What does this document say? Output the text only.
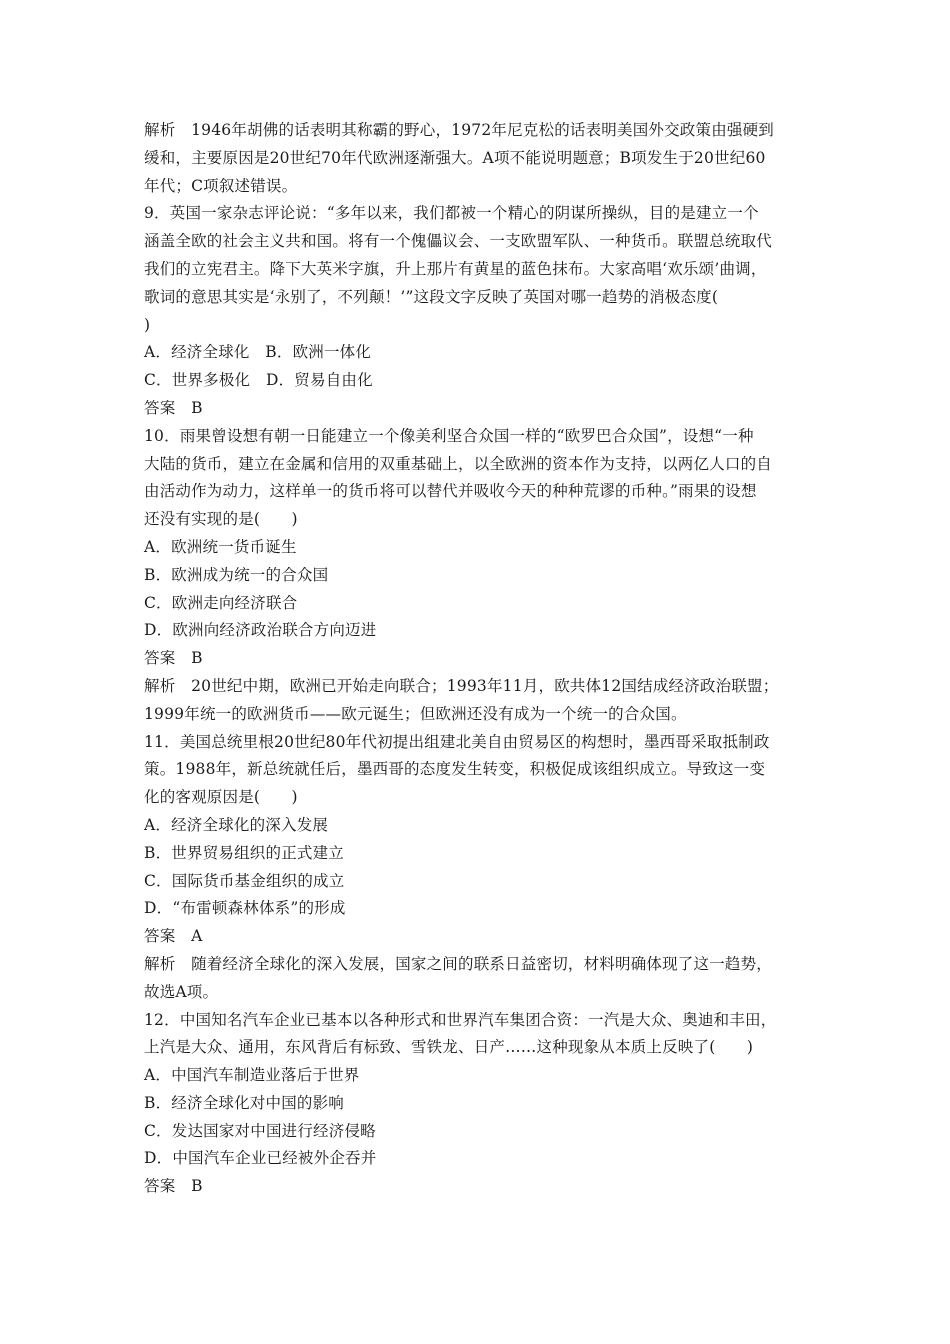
解析　1946年胡佛的话表明其称霸的野心，1972年尼克松的话表明美国外交政策由强硬到
缓和，主要原因是20世纪70年代欧洲逐渐强大。A项不能说明题意；B项发生于20世纪60
年代；C项叙述错误。
9．英国一家杂志评论说：“多年以来，我们都被一个精心的阴谋所操纵，目的是建立一个
涵盖全欧的社会主义共和国。将有一个傀儡议会、一支欧盟军队、一种货币。联盟总统取代
我们的立宪君主。降下大英米字旗，升上那片有黄星的蓝色抹布。大家高唱‘欢乐颂’曲调，
歌词的意思其实是‘永别了，不列颠！’”这段文字反映了英国对哪一趋势的消极态度(
)
A．经济全球化　B．欧洲一体化
C．世界多极化　D．贸易自由化
答案　B
10．雨果曾设想有朝一日能建立一个像美利坚合众国一样的“欧罗巴合众国”，设想“一种
大陆的货币，建立在金属和信用的双重基础上，以全欧洲的资本作为支持，以两亿人口的自
由活动作为动力，这样单一的货币将可以替代并吸收今天的种种荒谬的币种。”雨果的设想
还没有实现的是(　　)
A．欧洲统一货币诞生
B．欧洲成为统一的合众国
C．欧洲走向经济联合
D．欧洲向经济政治联合方向迈进
答案　B
解析　20世纪中期，欧洲已开始走向联合；1993年11月，欧共体12国结成经济政治联盟；
1999年统一的欧洲货币——欧元诞生；但欧洲还没有成为一个统一的合众国。
11．美国总统里根20世纪80年代初提出组建北美自由贸易区的构想时，墨西哥采取抵制政
策。1988年，新总统就任后，墨西哥的态度发生转变，积极促成该组织成立。导致这一变
化的客观原因是(　　)
A．经济全球化的深入发展
B．世界贸易组织的正式建立
C．国际货币基金组织的成立
D．“布雷顿森林体系”的形成
答案　A
解析　随着经济全球化的深入发展，国家之间的联系日益密切，材料明确体现了这一趋势，
故选A项。
12．中国知名汽车企业已基本以各种形式和世界汽车集团合资：一汽是大众、奥迪和丰田，
上汽是大众、通用，东风背后有标致、雪铁龙、日产……这种现象从本质上反映了(　　)
A．中国汽车制造业落后于世界
B．经济全球化对中国的影响
C．发达国家对中国进行经济侵略
D．中国汽车企业已经被外企吞并
答案　B
